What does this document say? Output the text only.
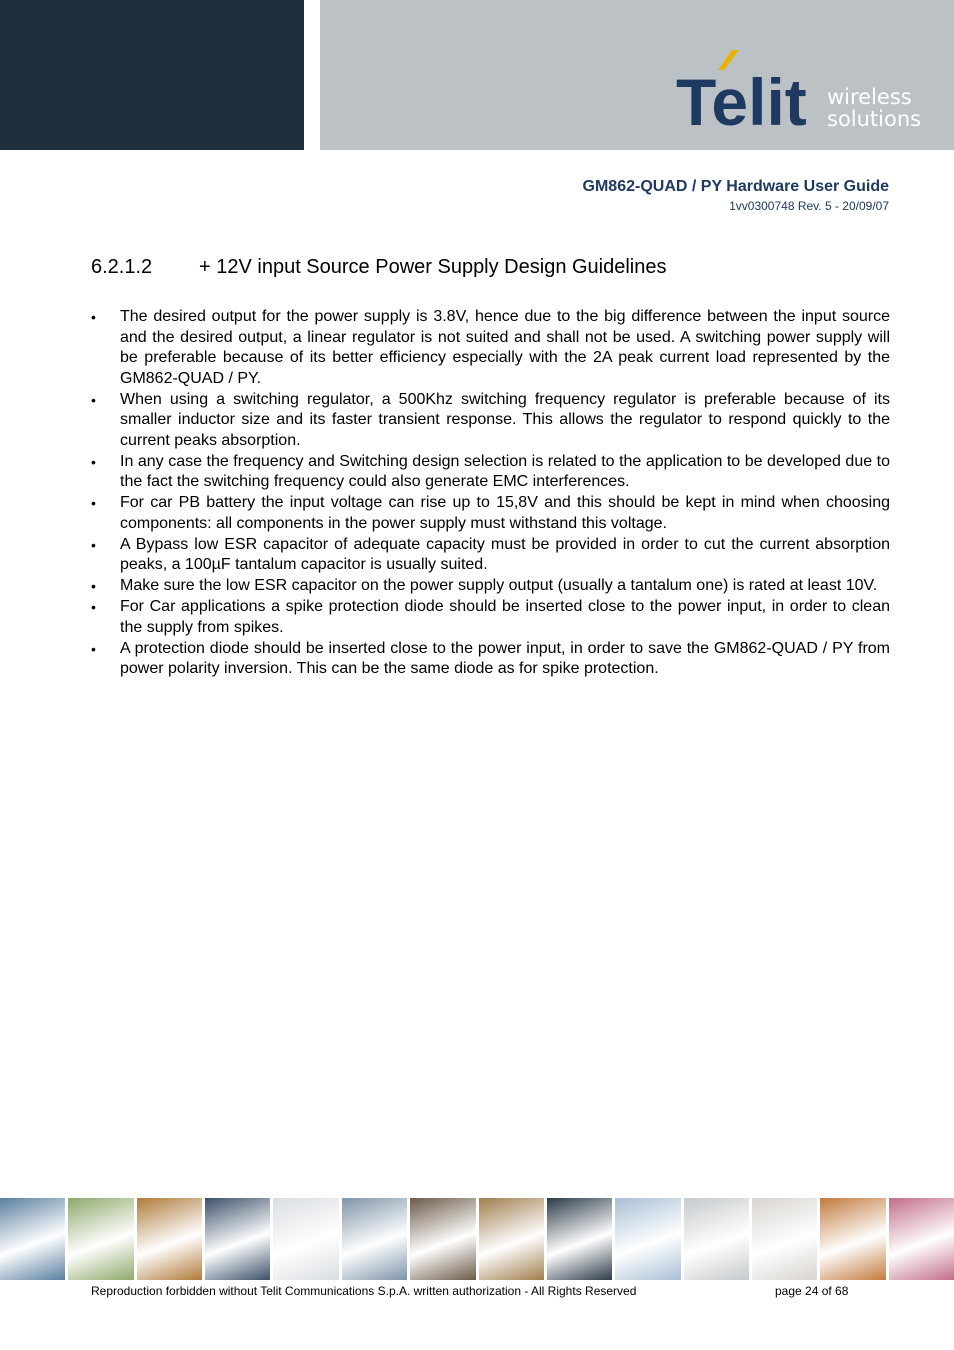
Telit wireless
solutions
GM862-QUAD / PY Hardware User Guide
1vv0300748 Rev. 5 - 20/09/07
6.2.1.2 + 12V input Source Power Supply Design Guidelines
• The desired output for the power supply is 3.8V, hence due to the big difference between the input source and the desired output, a linear regulator is not suited and shall not be used. A switching power supply will be preferable because of its better efficiency especially with the 2A peak current load represented by the GM862-QUAD / PY.
• When using a switching regulator, a 500Khz switching frequency regulator is preferable because of its smaller inductor size and its faster transient response. This allows the regulator to respond quickly to the current peaks absorption.
• In any case the frequency and Switching design selection is related to the application to be developed due to the fact the switching frequency could also generate EMC interferences.
• For car PB battery the input voltage can rise up to 15,8V and this should be kept in mind when choosing components: all components in the power supply must withstand this voltage.
• A Bypass low ESR capacitor of adequate capacity must be provided in order to cut the current absorption peaks, a 100µF tantalum capacitor is usually suited.
• Make sure the low ESR capacitor on the power supply output (usually a tantalum one) is rated at least 10V.
• For Car applications a spike protection diode should be inserted close to the power input, in order to clean the supply from spikes.
• A protection diode should be inserted close to the power input, in order to save the GM862-QUAD / PY from power polarity inversion. This can be the same diode as for spike protection.
Reproduction forbidden without Telit Communications S.p.A. written authorization - All Rights Reserved	page 24 of 68
